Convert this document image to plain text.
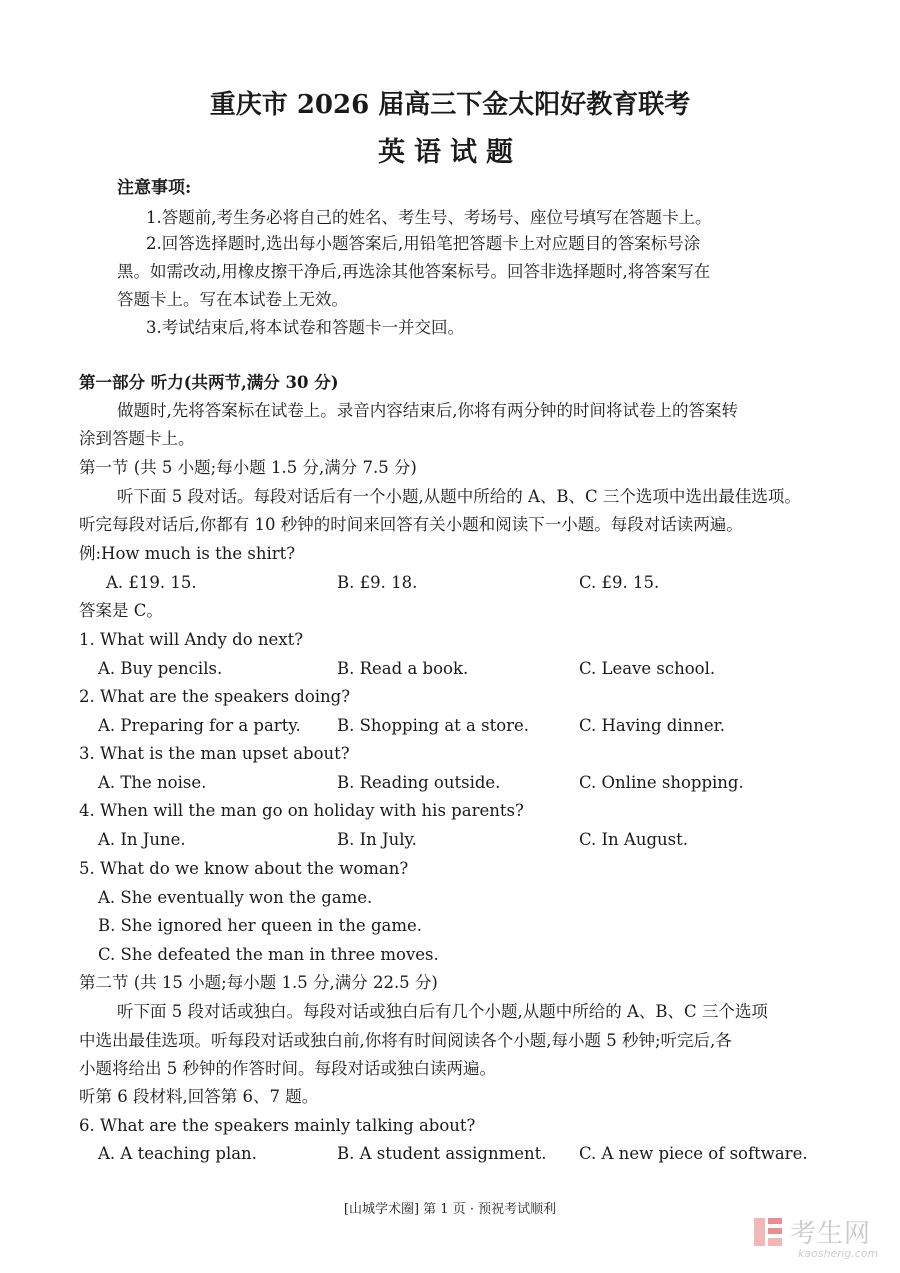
重庆市 2026 届高三下金太阳好教育联考
英语试题
注意事项:
1.答题前,考生务必将自己的姓名、考生号、考场号、座位号填写在答题卡上。
2.回答选择题时,选出每小题答案后,用铅笔把答题卡上对应题目的答案标号涂
黑。如需改动,用橡皮擦干净后,再选涂其他答案标号。回答非选择题时,将答案写在
答题卡上。写在本试卷上无效。
3.考试结束后,将本试卷和答题卡一并交回。
第一部分 听力(共两节,满分 30 分)
做题时,先将答案标在试卷上。录音内容结束后,你将有两分钟的时间将试卷上的答案转
涂到答题卡上。
第一节 (共 5 小题;每小题 1.5 分,满分 7.5 分)
听下面 5 段对话。每段对话后有一个小题,从题中所给的 A、B、C 三个选项中选出最佳选项。
听完每段对话后,你都有 10 秒钟的时间来回答有关小题和阅读下一小题。每段对话读两遍。
例:How much is the shirt?
A. £19. 15.	B. £9. 18.	C. £9. 15.
答案是 C。
1. What will Andy do next?
A. Buy pencils.	B. Read a book.	C. Leave school.
2. What are the speakers doing?
A. Preparing for a party. B. Shopping at a store.	C. Having dinner.
3. What is the man upset about?
A. The noise.	B. Reading outside.	C. Online shopping.
4. When will the man go on holiday with his parents?
A. In June.	B. In July.	C. In August.
5. What do we know about the woman?
A. She eventually won the game.
B. She ignored her queen in the game.
C. She defeated the man in three moves.
第二节 (共 15 小题;每小题 1.5 分,满分 22.5 分)
听下面 5 段对话或独白。每段对话或独白后有几个小题,从题中所给的 A、B、C 三个选项
中选出最佳选项。听每段对话或独白前,你将有时间阅读各个小题,每小题 5 秒钟;听完后,各
小题将给出 5 秒钟的作答时间。每段对话或独白读两遍。
听第 6 段材料,回答第 6、7 题。
6. What are the speakers mainly talking about?
A. A teaching plan.	B. A student assignment. C. A new piece of software.
[山城学术圈] 第 1 页 · 预祝考试顺利
考生网
kaosheng.com
